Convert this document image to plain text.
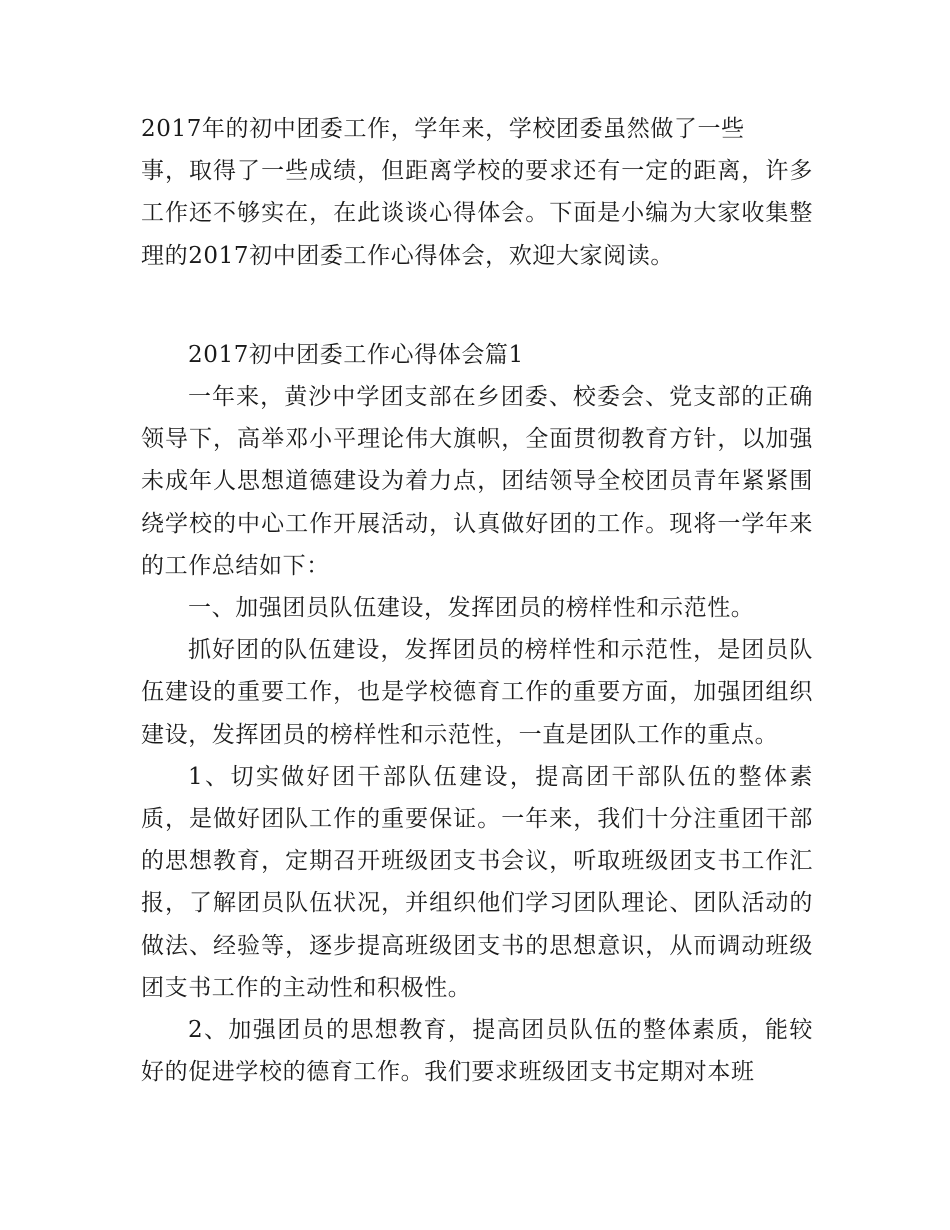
2017年的初中团委工作，学年来，学校团委虽然做了一些
事，取得了一些成绩，但距离学校的要求还有一定的距离，许多工作还不够实在，在此谈谈心得体会。下面是小编为大家收集整理的2017初中团委工作心得体会，欢迎大家阅读。

2017初中团委工作心得体会篇1

一年来，黄沙中学团支部在乡团委、校委会、党支部的正确领导下，高举邓小平理论伟大旗帜，全面贯彻教育方针，以加强未成年人思想道德建设为着力点，团结领导全校团员青年紧紧围绕学校的中心工作开展活动，认真做好团的工作。现将一学年来的工作总结如下：

一、加强团员队伍建设，发挥团员的榜样性和示范性。

抓好团的队伍建设，发挥团员的榜样性和示范性，是团员队伍建设的重要工作，也是学校德育工作的重要方面，加强团组织建设，发挥团员的榜样性和示范性，一直是团队工作的重点。

1、切实做好团干部队伍建设，提高团干部队伍的整体素质，是做好团队工作的重要保证。一年来，我们十分注重团干部的思想教育，定期召开班级团支书会议，听取班级团支书工作汇报，了解团员队伍状况，并组织他们学习团队理论、团队活动的做法、经验等，逐步提高班级团支书的思想意识，从而调动班级团支书工作的主动性和积极性。

2、加强团员的思想教育，提高团员队伍的整体素质，能较好的促进学校的德育工作。我们要求班级团支书定期对本班
